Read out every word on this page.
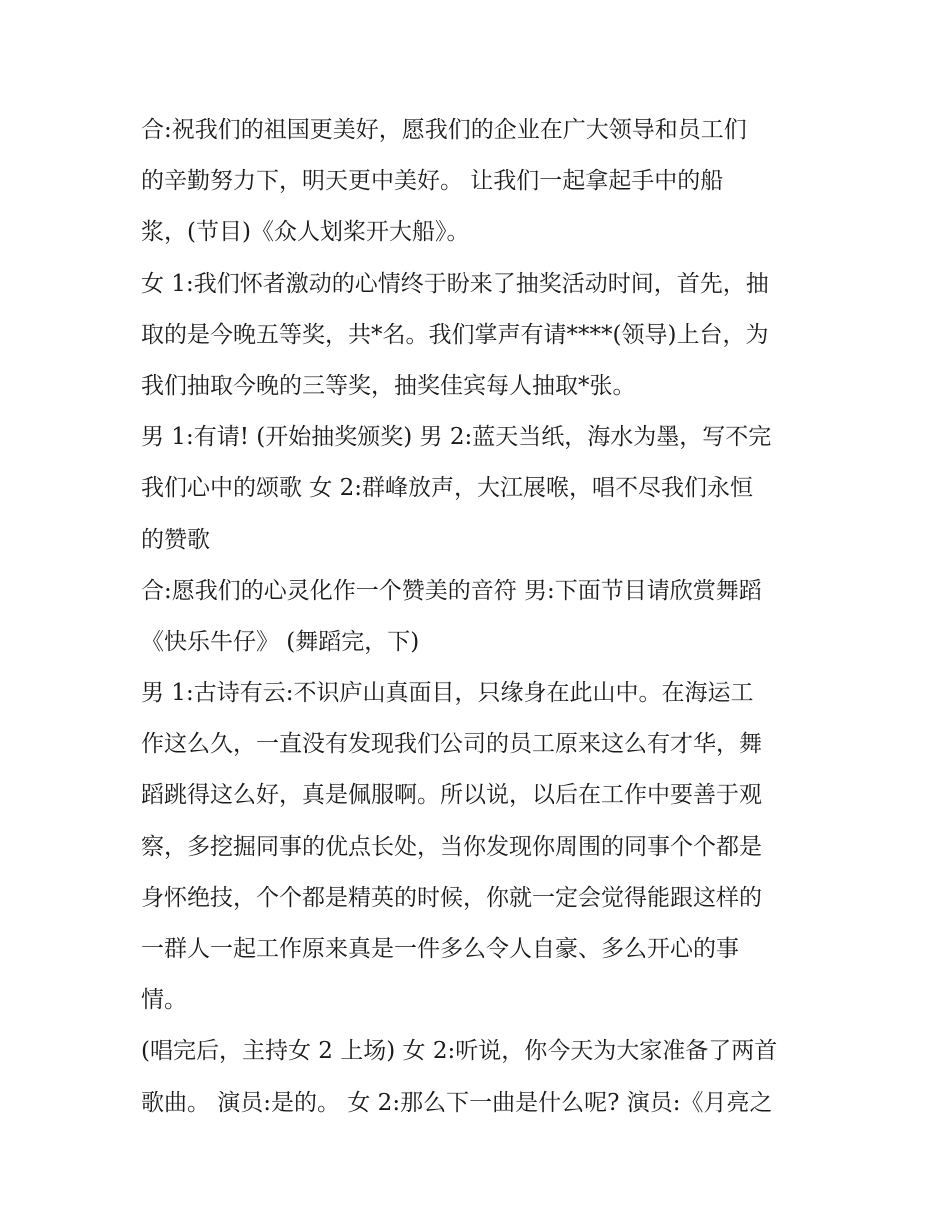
合:祝我们的祖国更美好，愿我们的企业在广大领导和员工们
的辛勤努力下，明天更中美好。 让我们一起拿起手中的船
浆，(节目)《众人划桨开大船》。
女 1:我们怀者激动的心情终于盼来了抽奖活动时间，首先，抽
取的是今晚五等奖，共*名。我们掌声有请****(领导)上台，为
我们抽取今晚的三等奖，抽奖佳宾每人抽取*张。
男 1:有请! (开始抽奖颁奖) 男 2:蓝天当纸，海水为墨，写不完
我们心中的颂歌 女 2:群峰放声，大江展喉，唱不尽我们永恒
的赞歌
合:愿我们的心灵化作一个赞美的音符 男:下面节目请欣赏舞蹈
《快乐牛仔》 (舞蹈完，下)
男 1:古诗有云:不识庐山真面目，只缘身在此山中。在海运工
作这么久，一直没有发现我们公司的员工原来这么有才华，舞
蹈跳得这么好，真是佩服啊。所以说，以后在工作中要善于观
察，多挖掘同事的优点长处，当你发现你周围的同事个个都是
身怀绝技，个个都是精英的时候，你就一定会觉得能跟这样的
一群人一起工作原来真是一件多么令人自豪、多么开心的事
情。
(唱完后，主持女 2 上场) 女 2:听说，你今天为大家准备了两首
歌曲。 演员:是的。 女 2:那么下一曲是什么呢? 演员:《月亮之
